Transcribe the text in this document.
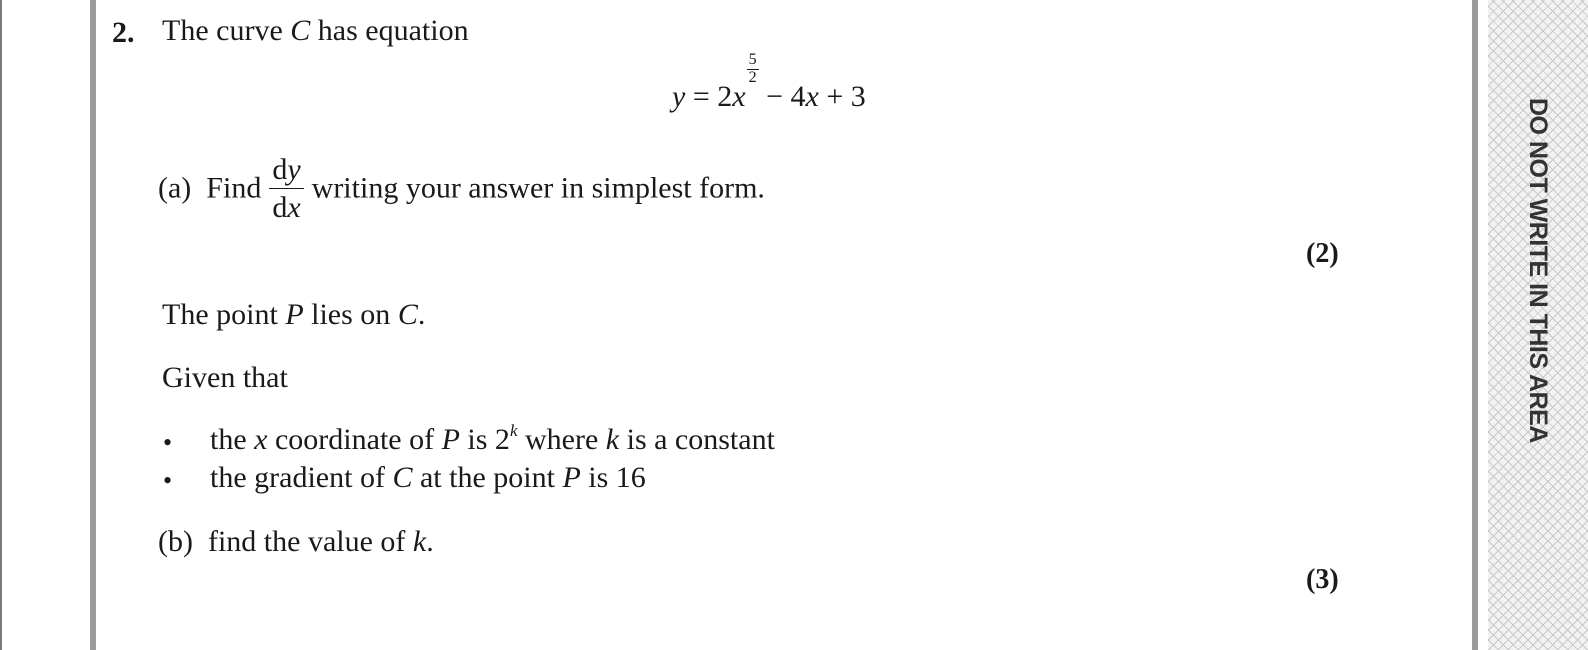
DO NOT WRITE IN THIS AREA
2. The curve C has equation
y = 2x
$\frac{5}{2}$
− 4x + 3
(a) Find $\frac{dy}{dx}$ writing your answer in simplest form.
(2)
The point P lies on C.
Given that
• the x coordinate of P is 2$^k$ where k is a constant
• the gradient of C at the point P is 16
(b) find the value of k.
(3)
